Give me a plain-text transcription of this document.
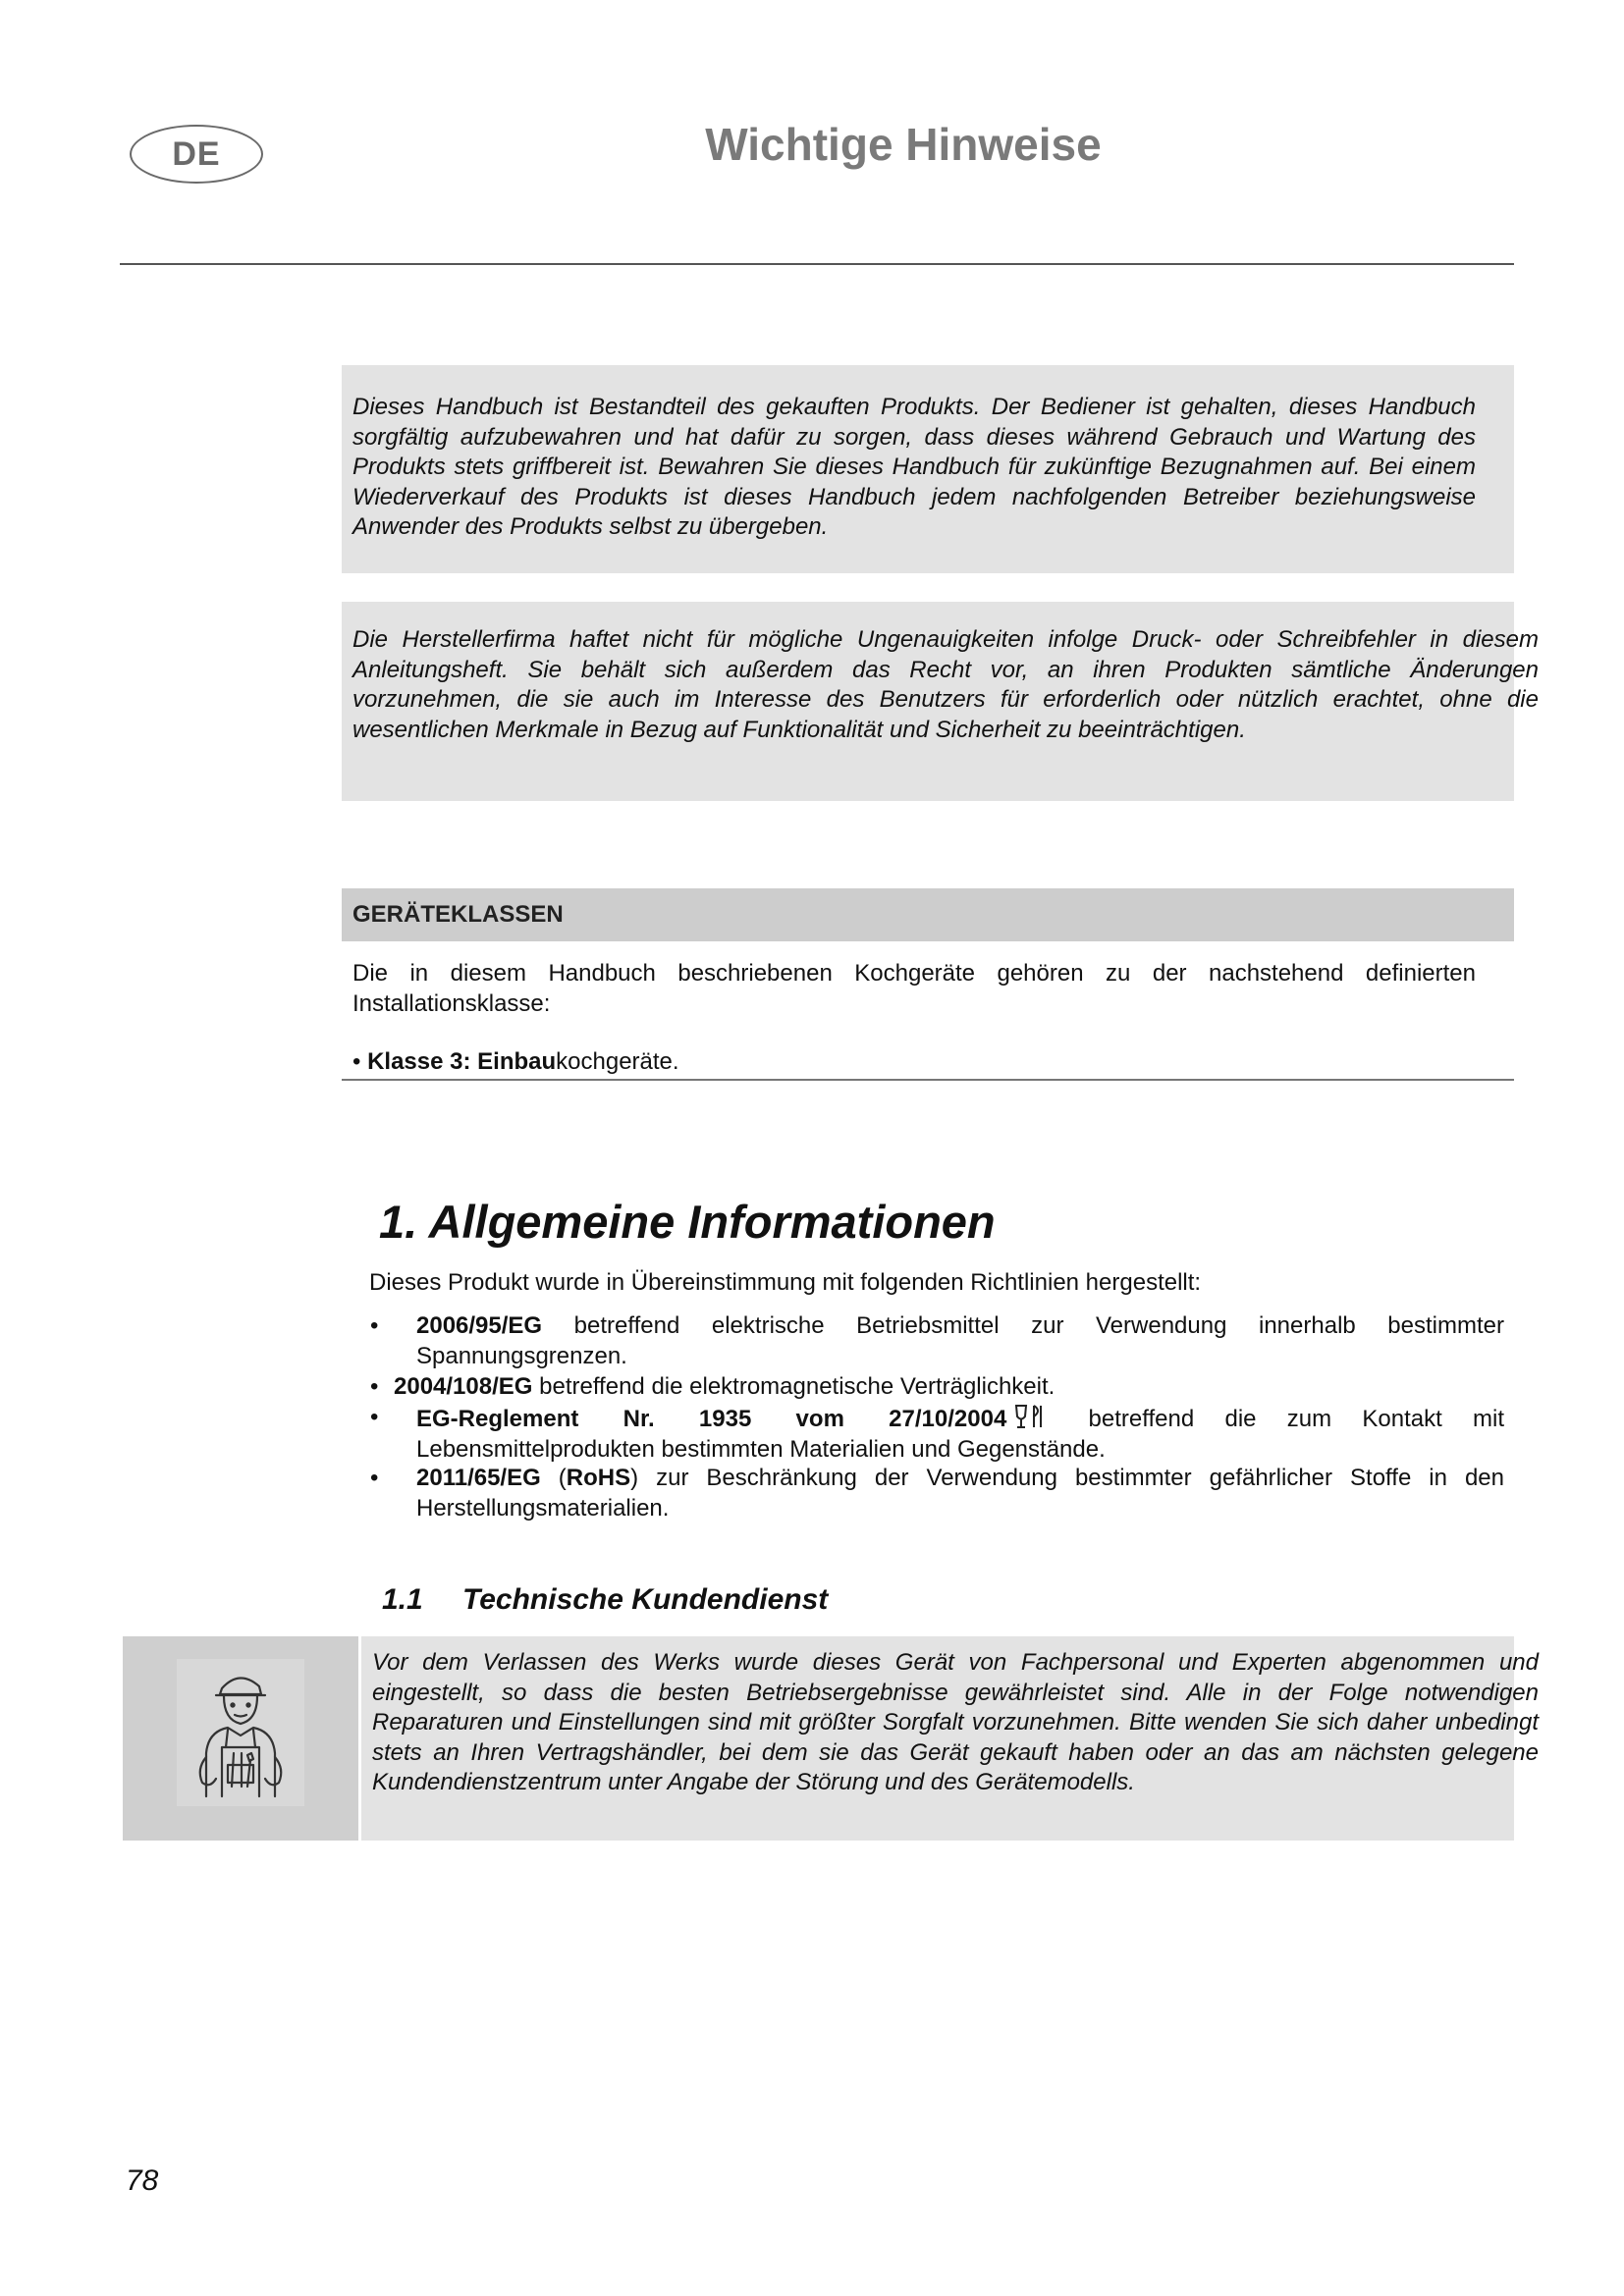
DE	Wichtige Hinweise
Dieses Handbuch ist Bestandteil des gekauften Produkts. Der Bediener ist gehalten, dieses Handbuch sorgfältig aufzubewahren und hat dafür zu sorgen, dass dieses während Gebrauch und Wartung des Produkts stets griffbereit ist. Bewahren Sie dieses Handbuch für zukünftige Bezugnahmen auf. Bei einem Wiederverkauf des Produkts ist dieses Handbuch jedem nachfolgenden Betreiber beziehungsweise Anwender des Produkts selbst zu übergeben.
Die Herstellerfirma haftet nicht für mögliche Ungenauigkeiten infolge Druck- oder Schreibfehler in diesem Anleitungsheft. Sie behält sich außerdem das Recht vor, an ihren Produkten sämtliche Änderungen vorzunehmen, die sie auch im Interesse des Benutzers für erforderlich oder nützlich erachtet, ohne die wesentlichen Merkmale in Bezug auf Funktionalität und Sicherheit zu beeinträchtigen.
GERÄTEKLASSEN
Die in diesem Handbuch beschriebenen Kochgeräte gehören zu der nachstehend definierten Installationsklasse:
• Klasse 3: Einbaukochgeräte.
1. Allgemeine Informationen
Dieses Produkt wurde in Übereinstimmung mit folgenden Richtlinien hergestellt:
• 2006/95/EG betreffend elektrische Betriebsmittel zur Verwendung innerhalb bestimmter Spannungsgrenzen.
• 2004/108/EG betreffend die elektromagnetische Verträglichkeit.
• EG-Reglement Nr. 1935 vom 27/10/2004 betreffend die zum Kontakt mit Lebensmittelprodukten bestimmten Materialien und Gegenstände.
• 2011/65/EG (RoHS) zur Beschränkung der Verwendung bestimmter gefährlicher Stoffe in den Herstellungsmaterialien.
1.1 Technische Kundendienst
Vor dem Verlassen des Werks wurde dieses Gerät von Fachpersonal und Experten abgenommen und eingestellt, so dass die besten Betriebsergebnisse gewährleistet sind. Alle in der Folge notwendigen Reparaturen und Einstellungen sind mit größter Sorgfalt vorzunehmen. Bitte wenden Sie sich daher unbedingt stets an Ihren Vertragshändler, bei dem sie das Gerät gekauft haben oder an das am nächsten gelegene Kundendienstzentrum unter Angabe der Störung und des Gerätemodells.
78
